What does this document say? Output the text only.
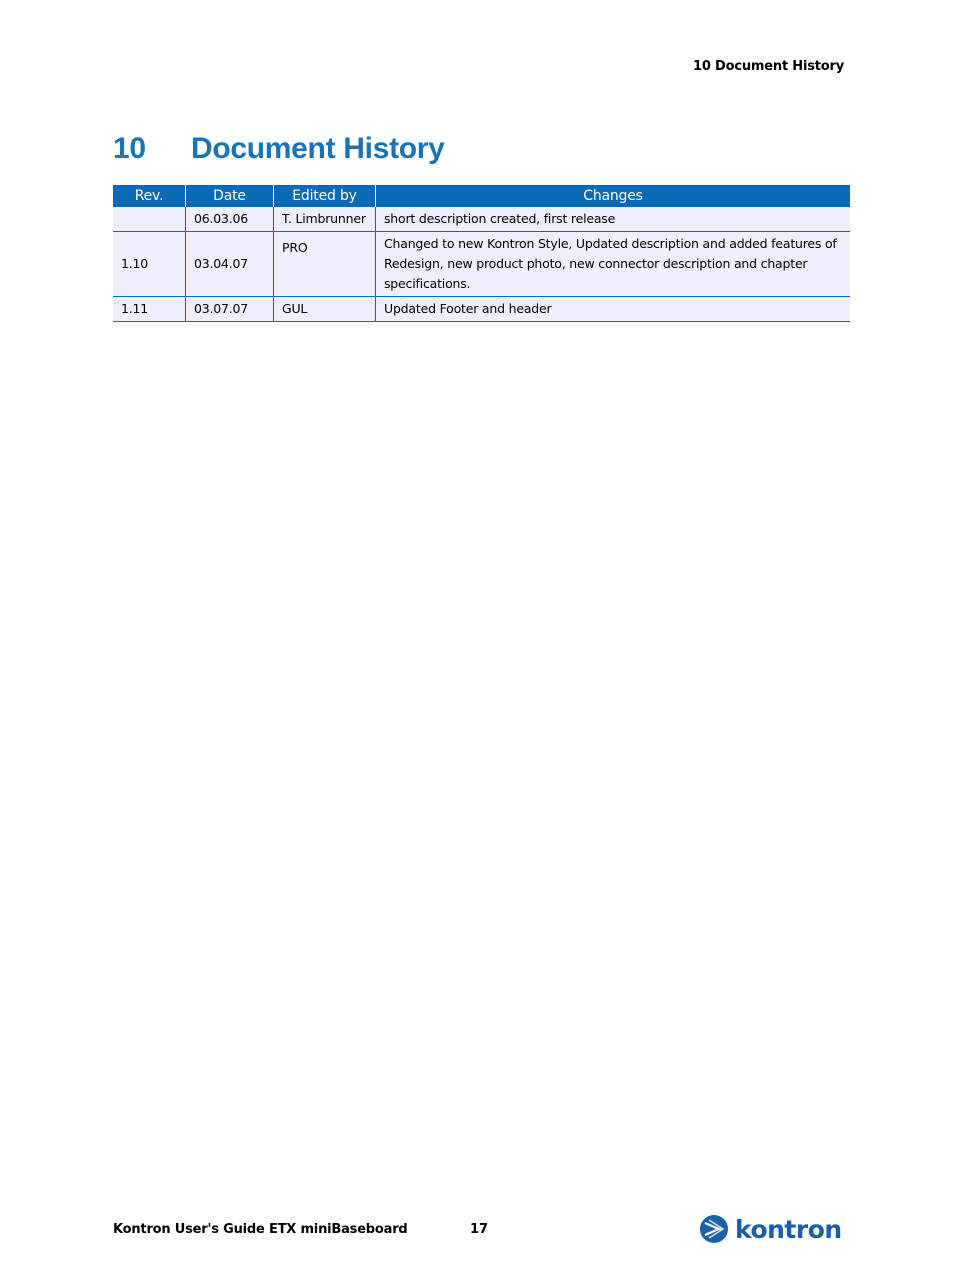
10 Document History
10	Document History
Rev.	Date	Edited by	Changes
	06.03.06	T. Limbrunner	short description created, first release
1.10	03.04.07	PRO	Changed to new Kontron Style, Updated description and added features of Redesign, new product photo, new connector description and chapter specifications.
1.11	03.07.07	GUL	Updated Footer and header
Kontron User's Guide ETX miniBaseboard	17	kontron
